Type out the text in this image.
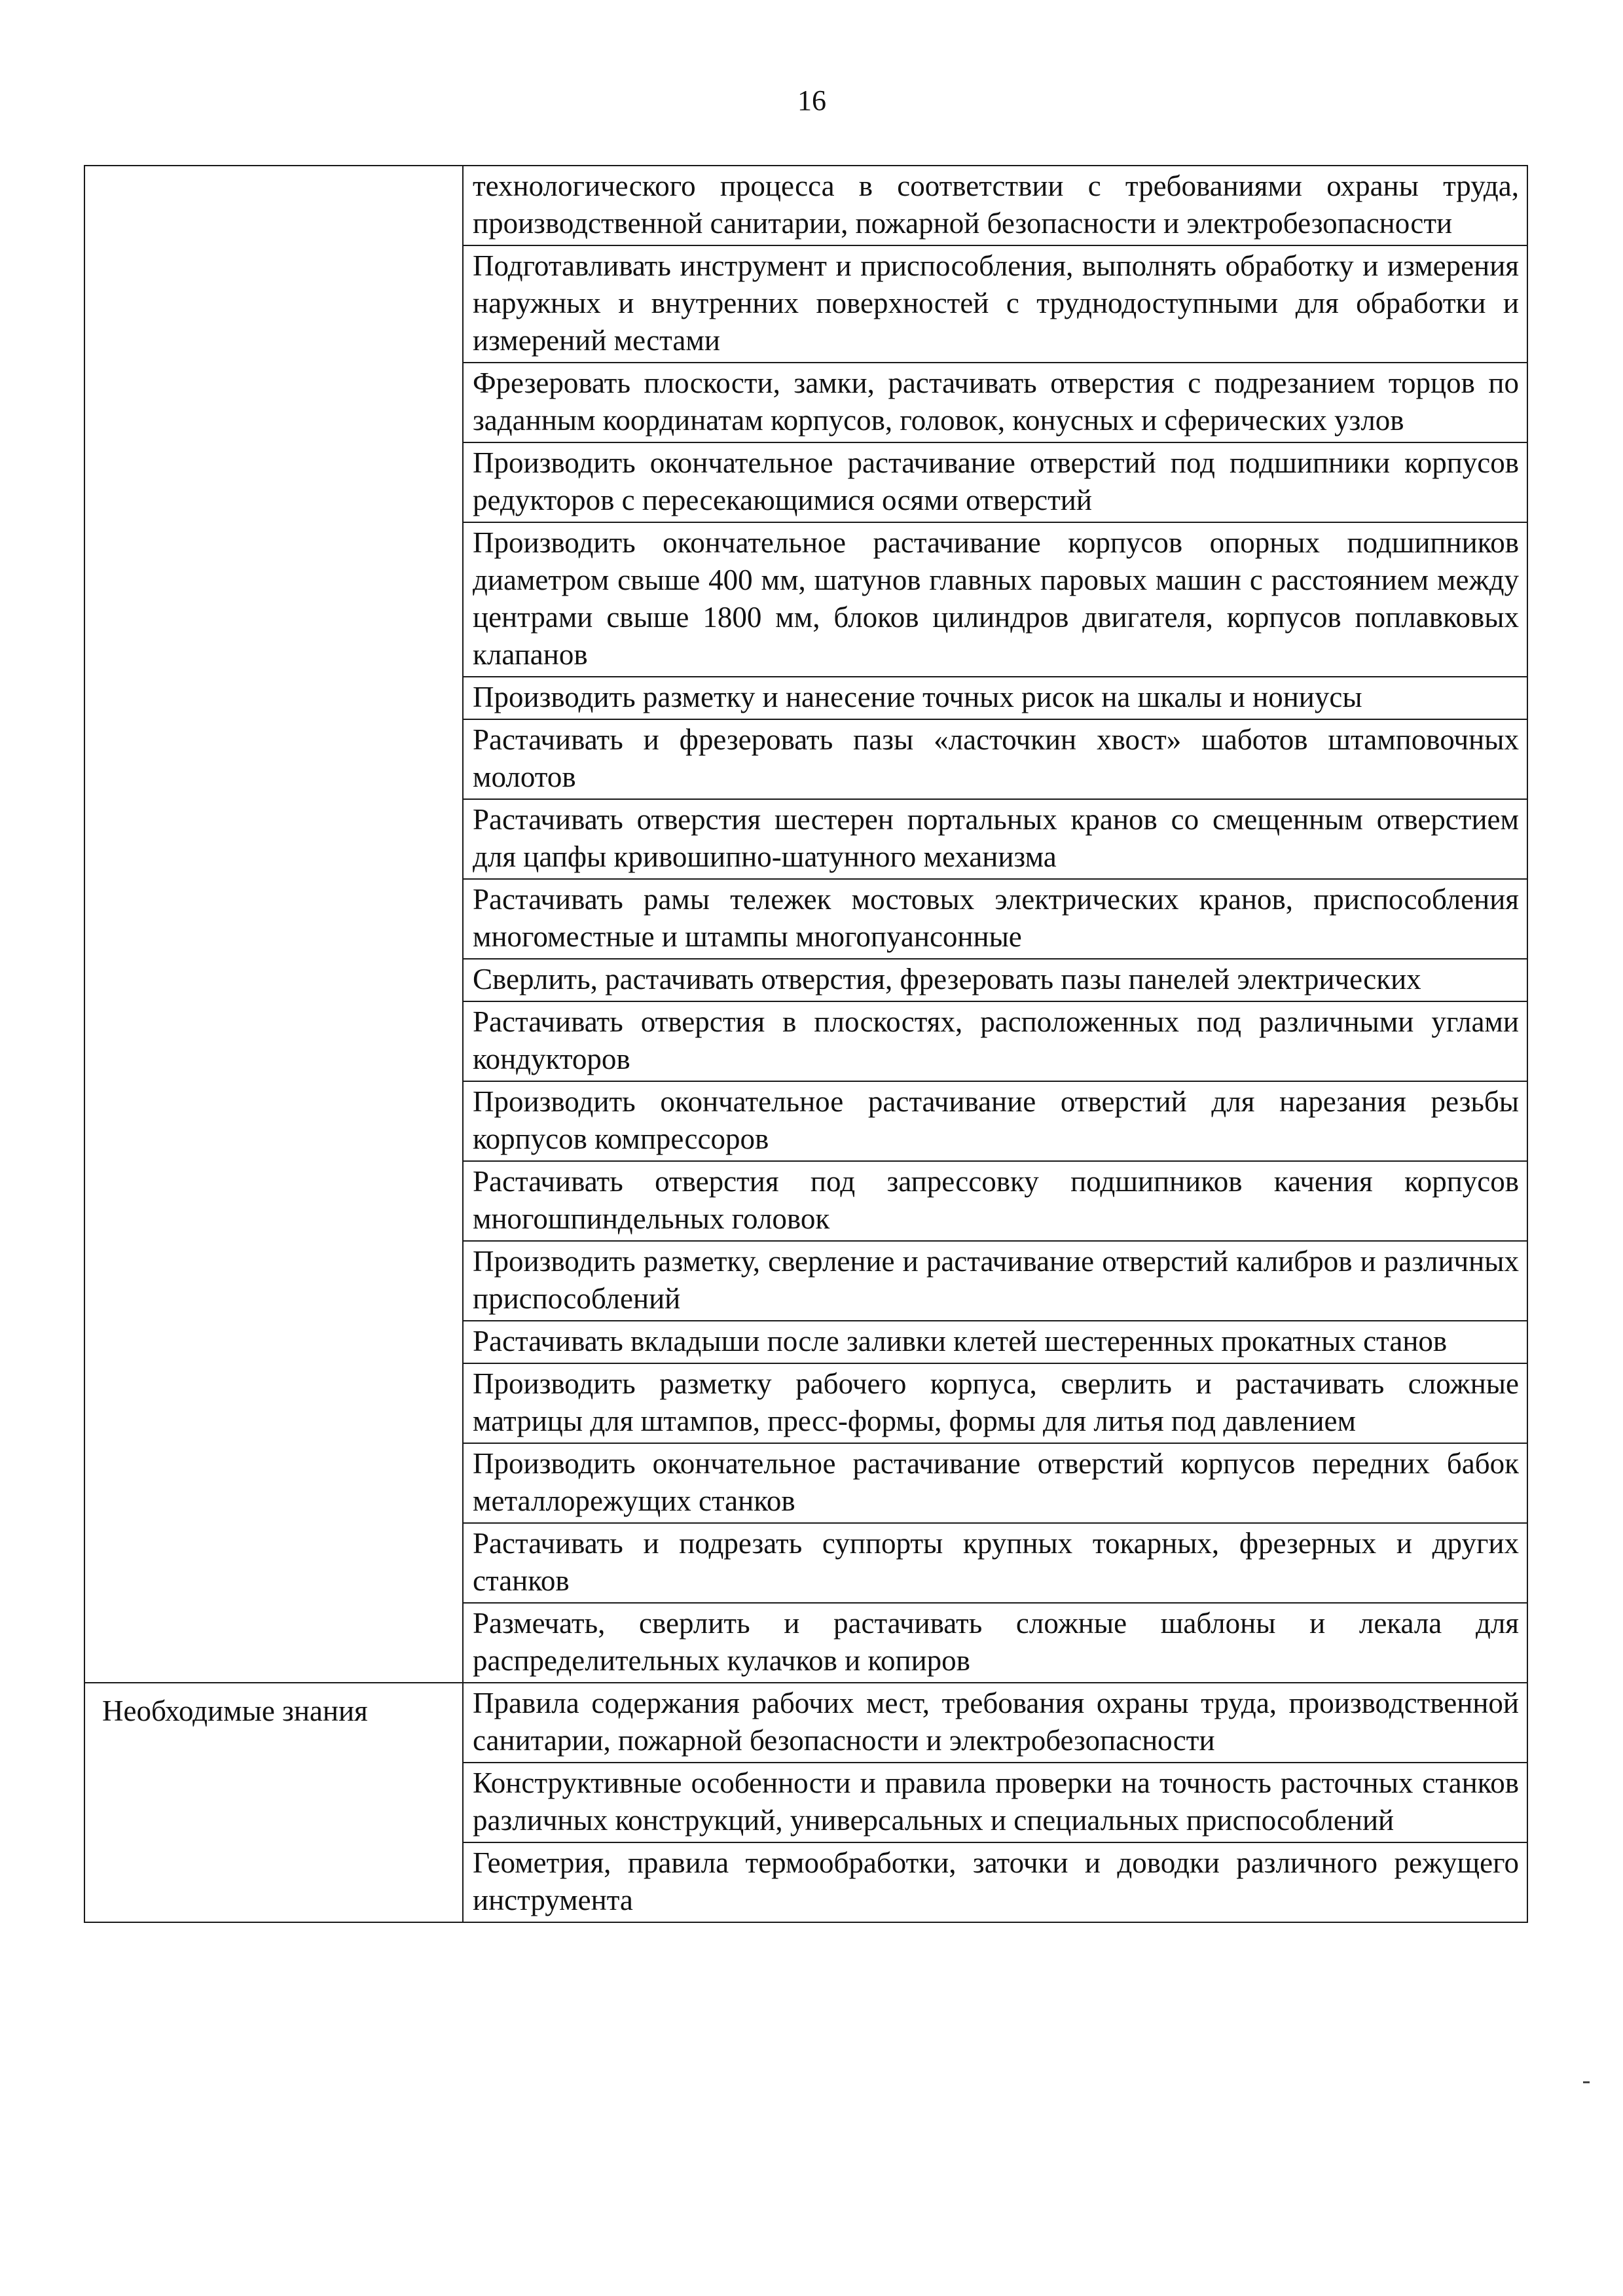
16
	технологического процесса в соответствии с требованиями охраны труда, производственной санитарии, пожарной безопасности и электробезопасности
	Подготавливать инструмент и приспособления, выполнять обработку и измерения наружных и внутренних поверхностей с труднодоступными для обработки и измерений местами
	Фрезеровать плоскости, замки, растачивать отверстия с подрезанием торцов по заданным координатам корпусов, головок, конусных и сферических узлов
	Производить окончательное растачивание отверстий под подшипники корпусов редукторов с пересекающимися осями отверстий
	Производить окончательное растачивание корпусов опорных подшипников диаметром свыше 400 мм, шатунов главных паровых машин с расстоянием между центрами свыше 1800 мм, блоков цилиндров двигателя, корпусов поплавковых клапанов
	Производить разметку и нанесение точных рисок на шкалы и нониусы
	Растачивать и фрезеровать пазы «ласточкин хвост» шаботов штамповочных молотов
	Растачивать отверстия шестерен портальных кранов со смещенным отверстием для цапфы кривошипно-шатунного механизма
	Растачивать рамы тележек мостовых электрических кранов, приспособления многоместные и штампы многопуансонные
	Сверлить, растачивать отверстия, фрезеровать пазы панелей электрических
	Растачивать отверстия в плоскостях, расположенных под различными углами кондукторов
	Производить окончательное растачивание отверстий для нарезания резьбы корпусов компрессоров
	Растачивать отверстия под запрессовку подшипников качения корпусов многошпиндельных головок
	Производить разметку, сверление и растачивание отверстий калибров и различных приспособлений
	Растачивать вкладыши после заливки клетей шестеренных прокатных станов
	Производить разметку рабочего корпуса, сверлить и растачивать сложные матрицы для штампов, пресс-формы, формы для литья под давлением
	Производить окончательное растачивание отверстий корпусов передних бабок металлорежущих станков
	Растачивать и подрезать суппорты крупных токарных, фрезерных и других станков
	Размечать, сверлить и растачивать сложные шаблоны и лекала для распределительных кулачков и копиров

Необходимые знания	Правила содержания рабочих мест, требования охраны труда, производственной санитарии, пожарной безопасности и электробезопасности
	Конструктивные особенности и правила проверки на точность расточных станков различных конструкций, универсальных и специальных приспособлений
	Геометрия, правила термообработки, заточки и доводки различного режущего инструмента
